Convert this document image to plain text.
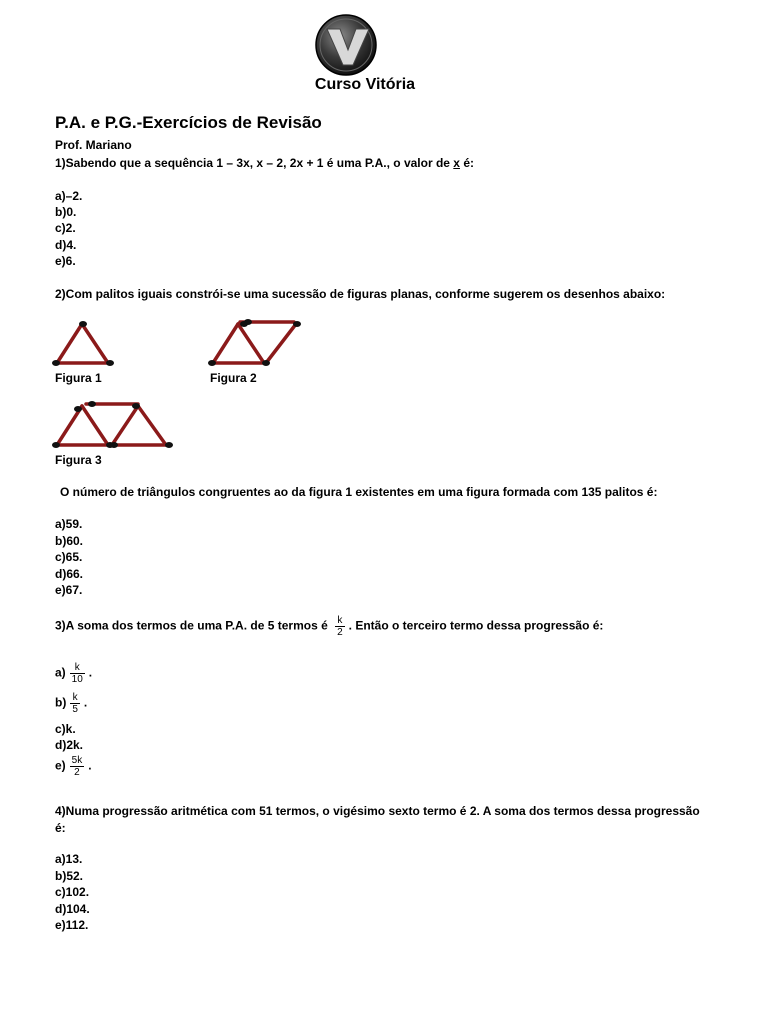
Curso Vitória
P.A. e P.G.-Exercícios de Revisão
Prof. Mariano
1)Sabendo que a sequência 1 – 3x, x – 2, 2x + 1 é uma P.A., o valor de x é:
a)–2.
b)0.
c)2.
d)4.
e)6.
2)Com palitos iguais constrói-se uma sucessão de figuras planas, conforme sugerem os desenhos abaixo:
Figura 1	Figura 2
Figura 3
O número de triângulos congruentes ao da figura 1 existentes em uma figura formada com 135 palitos é:
a)59.
b)60.
c)65.
d)66.
e)67.
3)A soma dos termos de uma P.A. de 5 termos é $\frac{k}{2}$ . Então o terceiro termo dessa progressão é:
$a) \frac{k}{10}$ .
$b) \frac{k}{5}$ .
c)k.
d)2k.
$e) \frac{5k}{2}$ .
4)Numa progressão aritmética com 51 termos, o vigésimo sexto termo é 2. A soma dos termos dessa progressão
é:
a)13.
b)52.
c)102.
d)104.
e)112.
